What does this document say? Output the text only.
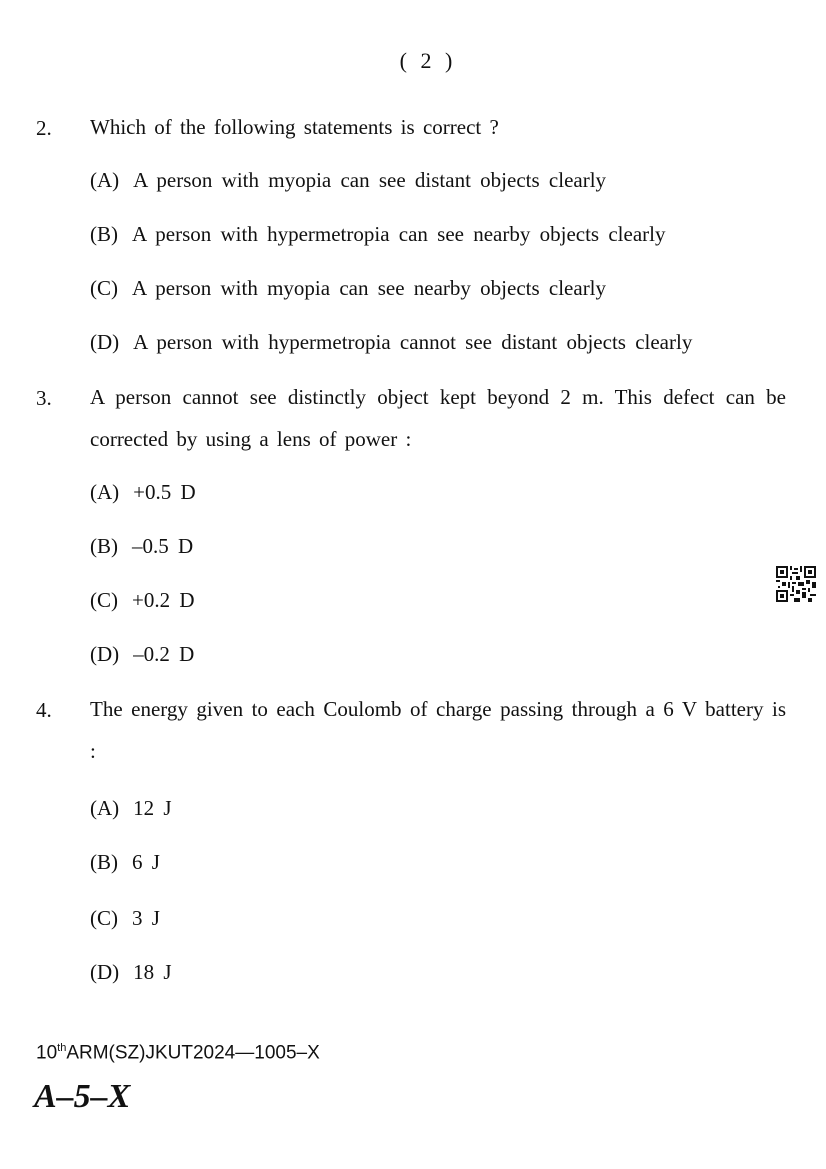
( 2 )
2. Which of the following statements is correct ?
(A) A person with myopia can see distant objects clearly
(B) A person with hypermetropia can see nearby objects clearly
(C) A person with myopia can see nearby objects clearly
(D) A person with hypermetropia cannot see distant objects clearly
3. A person cannot see distinctly object kept beyond 2 m. This defect can be corrected by using a lens of power :
(A) +0.5 D
(B) –0.5 D
(C) +0.2 D
(D) –0.2 D
4. The energy given to each Coulomb of charge passing through a 6 V battery is :
(A) 12 J
(B) 6 J
(C) 3 J
(D) 18 J
10thARM(SZ)JKUT2024—1005–X
A–5–X
